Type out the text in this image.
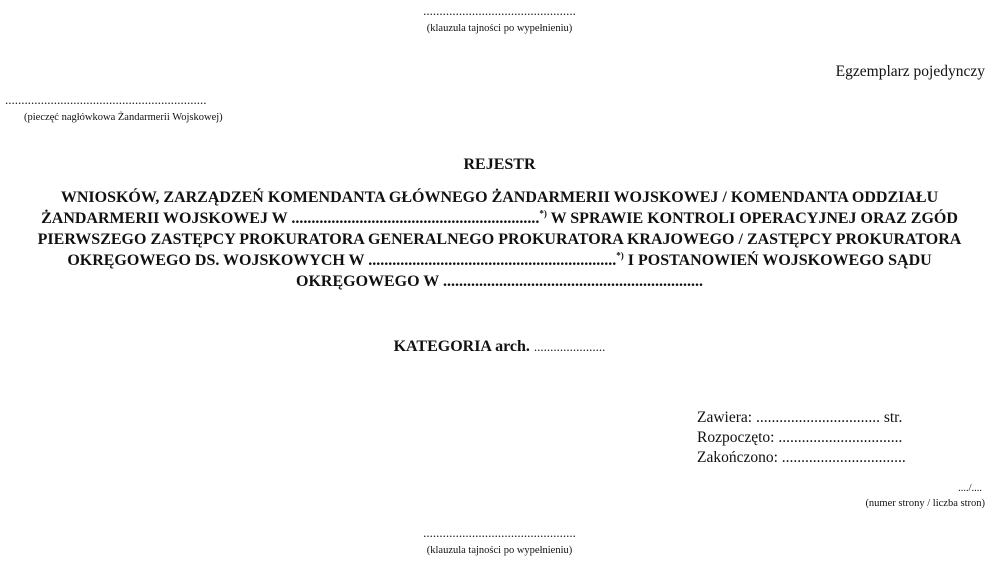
...............................................
(klauzula tajności po wypełnieniu)
Egzemplarz pojedynczy
..............................................................
(pieczęć nagłówkowa Żandarmerii Wojskowej)
REJESTR
WNIOSKÓW, ZARZĄDZEŃ KOMENDANTA GŁÓWNEGO ŻANDARMERII WOJSKOWEJ / KOMENDANTA ODDZIAŁU
ŻANDARMERII WOJSKOWEJ W ..............................................................*) W SPRAWIE KONTROLI OPERACYJNEJ ORAZ ZGÓD
PIERWSZEGO ZASTĘPCY PROKURATORA GENERALNEGO PROKURATORA KRAJOWEGO / ZASTĘPCY PROKURATORA
OKRĘGOWEGO DS. WOJSKOWYCH W ..............................................................*) I POSTANOWIEŃ WOJSKOWEGO SĄDU
OKRĘGOWEGO W .................................................................
KATEGORIA arch. ......................
Zawiera: ................................ str.
Rozpoczęto: ................................
Zakończono: ................................
..../....
(numer strony / liczba stron)
...............................................
(klauzula tajności po wypełnieniu)
